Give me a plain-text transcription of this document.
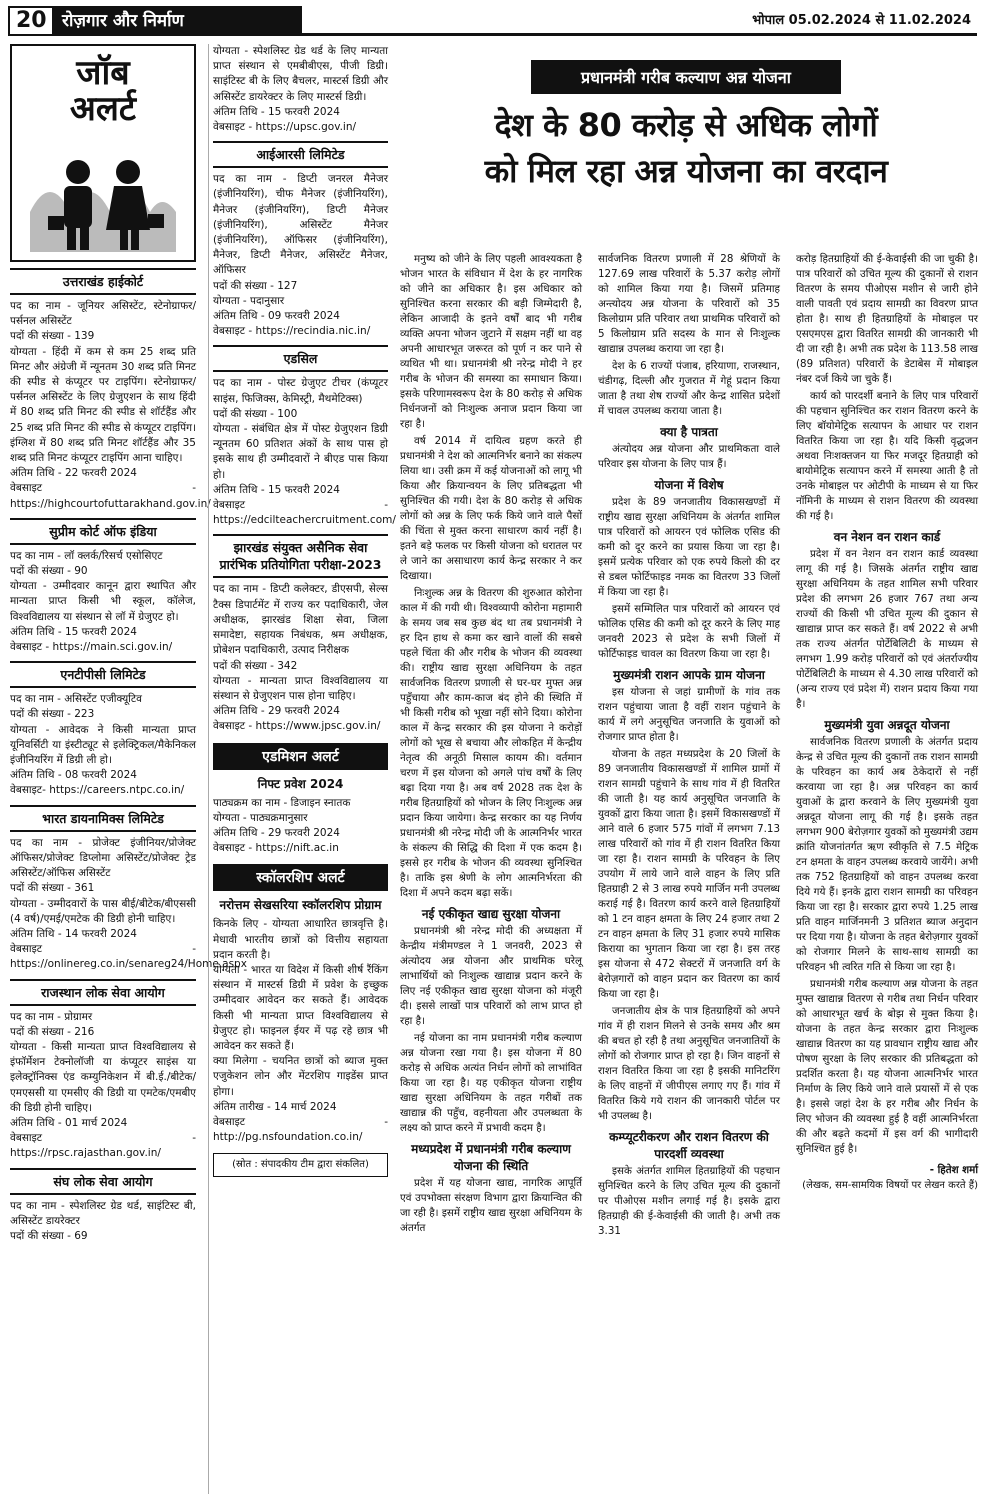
20 रोज़गार और निर्माण	भोपाल 05.02.2024 से 11.02.2024
जॉब
अलर्ट
उत्तराखंड हाईकोर्ट

पद का नाम - जूनियर असिस्टेंट, स्टेनोग्राफर/पर्सनल असिस्टेंट

पदों की संख्या - 139

योग्यता - हिंदी में कम से कम 25 शब्द प्रति मिनट और अंग्रेजी में न्यूनतम 30 शब्द प्रति मिनट की स्पीड से कंप्यूटर पर टाइपिंग। स्टेनोग्राफर/पर्सनल असिस्टेंट के लिए ग्रेजुएशन के साथ हिंदी में 80 शब्द प्रति मिनट की स्पीड से शॉर्टहैंड और 25 शब्द प्रति मिनट की स्पीड से कंप्यूटर टाइपिंग। इंग्लिश में 80 शब्द प्रति मिनट शॉर्टहैंड और 35 शब्द प्रति मिनट कंप्यूटर टाइपिंग आना चाहिए।

अंतिम तिथि - 22 फरवरी 2024

वेबसाइट - https://highcourtofuttarakhand.gov.in/

सुप्रीम कोर्ट ऑफ इंडिया

पद का नाम - लॉ क्लर्क/रिसर्च एसोसिएट

पदों की संख्या - 90

योग्यता - उम्मीदवार कानून द्वारा स्थापित और मान्यता प्राप्त किसी भी स्कूल, कॉलेज, विश्वविद्यालय या संस्थान से लॉ में ग्रेजुएट हो।

अंतिम तिथि - 15 फरवरी 2024

वेबसाइट - https://main.sci.gov.in/

एनटीपीसी लिमिटेड

पद का नाम - असिस्टेंट एजीक्यूटिव

पदों की संख्या - 223

योग्यता - आवेदक ने किसी मान्यता प्राप्त यूनिवर्सिटी या इंस्टीट्यूट से इलेक्ट्रिकल/मैकेनिकल इंजीनियरिंग में डिग्री ली हो।

अंतिम तिथि - 08 फरवरी 2024

वेबसाइट- https://careers.ntpc.co.in/

भारत डायनामिक्स लिमिटेड

पद का नाम - प्रोजेक्ट इंजीनियर/प्रोजेक्ट ऑफिसर/प्रोजेक्ट डिप्लोमा असिस्टेंट/प्रोजेक्ट ट्रेड असिस्टेंट/ऑफिस असिस्टेंट

पदों की संख्या - 361

योग्यता - उम्मीदवारों के पास बीई/बीटेक/बीएससी (4 वर्ष)/एमई/एमटेक की डिग्री होनी चाहिए।

अंतिम तिथि - 14 फरवरी 2024

वेबसाइट - https://onlinereg.co.in/senareg24/Home.aspx

राजस्थान लोक सेवा आयोग

पद का नाम - प्रोग्रामर

पदों की संख्या - 216

योग्यता - किसी मान्यता प्राप्त विश्वविद्यालय से इंफॉर्मेशन टेक्नोलॉजी या कंप्यूटर साइंस या इलेक्ट्रॉनिक्स एंड कम्युनिकेशन में बी.ई./बीटेक/एमएससी या एमसीए की डिग्री या एमटेक/एमबीए की डिग्री होनी चाहिए।

अंतिम तिथि - 01 मार्च 2024

वेबसाइट - https://rpsc.rajasthan.gov.in/

संघ लोक सेवा आयोग

पद का नाम - स्पेशलिस्ट ग्रेड थर्ड, साइंटिस्ट बी, असिस्टेंट डायरेक्टर

पदों की संख्या - 69

योग्यता - स्पेशलिस्ट ग्रेड थर्ड के लिए मान्यता प्राप्त संस्थान से एमबीबीएस, पीजी डिग्री। साइंटिस्ट बी के लिए बैचलर, मास्टर्स डिग्री और असिस्टेंट डायरेक्टर के लिए मास्टर्स डिग्री।

अंतिम तिथि - 15 फरवरी 2024

वेबसाइट - https://upsc.gov.in/

आईआरसी लिमिटेड

पद का नाम - डिप्टी जनरल मैनेजर (इंजीनियरिंग), चीफ मैनेजर (इंजीनियरिंग), मैनेजर (इंजीनियरिंग), डिप्टी मैनेजर (इंजीनियरिंग), असिस्टेंट मैनेजर (इंजीनियरिंग), ऑफिसर (इंजीनियरिंग), मैनेजर, डिप्टी मैनेजर, असिस्टेंट मैनेजर, ऑफिसर

पदों की संख्या - 127

योग्यता - पदानुसार

अंतिम तिथि - 09 फरवरी 2024

वेबसाइट - https://recindia.nic.in/

एडसिल

पद का नाम - पोस्ट ग्रेजुएट टीचर (कंप्यूटर साइंस, फिजिक्स, केमिस्ट्री, मैथमेटिक्स)

पदों की संख्या - 100

योग्यता - संबंधित क्षेत्र में पोस्ट ग्रेजुएशन डिग्री न्यूनतम 60 प्रतिशत अंकों के साथ पास हो इसके साथ ही उम्मीदवारों ने बीएड पास किया हो।

अंतिम तिथि - 15 फरवरी 2024

वेबसाइट - https://edcilteachercruitment.com/

झारखंड संयुक्त असैनिक सेवा प्रारंभिक प्रतियोगिता परीक्षा-2023

पद का नाम - डिप्टी कलेक्टर, डीएसपी, सेल्स टैक्स डिपार्टमेंट में राज्य कर पदाधिकारी, जेल अधीक्षक, झारखंड शिक्षा सेवा, जिला समादेष्टा, सहायक निबंधक, श्रम अधीक्षक, प्रोबेशन पदाधिकारी, उत्पाद निरीक्षक

पदों की संख्या - 342

योग्यता - मान्यता प्राप्त विश्वविद्यालय या संस्थान से ग्रेजुएशन पास होना चाहिए।

अंतिम तिथि - 29 फरवरी 2024

वेबसाइट - https://www.jpsc.gov.in/

एडमिशन अलर्ट
निफ्ट प्रवेश 2024

पाठ्यक्रम का नाम - डिजाइन स्नातक

योग्यता - पाठ्यक्रमानुसार

अंतिम तिथि - 29 फरवरी 2024

वेबसाइट - https://nift.ac.in

स्कॉलरशिप अलर्ट
नरोत्तम सेखसरिया स्कॉलरशिप प्रोग्राम

किनके लिए - योग्यता आधारित छात्रवृत्ति है। मेधावी भारतीय छात्रों को वित्तीय सहायता प्रदान करती है।

योग्यता - भारत या विदेश में किसी शीर्ष रैंकिंग संस्थान में मास्टर्स डिग्री में प्रवेश के इच्छुक उम्मीदवार आवेदन कर सकते हैं। आवेदक किसी भी मान्यता प्राप्त विश्वविद्यालय से ग्रेजुएट हो। फाइनल ईयर में पढ़ रहे छात्र भी आवेदन कर सकते हैं।

क्या मिलेगा - चयनित छात्रों को ब्याज मुक्त एजुकेशन लोन और मेंटरशिप गाइडेंस प्राप्त होगा।

अंतिम तारीख - 14 मार्च 2024

वेबसाइट - http://pg.nsfoundation.co.in/

(स्रोत : संपादकीय टीम द्वारा संकलित)
प्रधानमंत्री गरीब कल्याण अन्न योजना
देश के 80 करोड़ से अधिक लोगों
को मिल रहा अन्न योजना का वरदान

मनुष्य को जीने के लिए पहली आवश्यकता है भोजन भारत के संविधान में देश के हर नागरिक को जीने का अधिकार है। इस अधिकार को सुनिश्चित करना सरकार की बड़ी जिम्मेदारी है, लेकिन आजादी के इतने वर्षों बाद भी गरीब व्यक्ति अपना भोजन जुटाने में सक्षम नहीं था वह अपनी आधारभूत जरूरत को पूर्ण न कर पाने से व्यथित भी था। प्रधानमंत्री श्री नरेन्द्र मोदी ने हर गरीब के भोजन की समस्या का समाधान किया। इसके परिणामस्वरूप देश के 80 करोड़ से अधिक निर्धनजनों को निःशुल्क अनाज प्रदान किया जा रहा है।

वर्ष 2014 में दायित्व ग्रहण करते ही प्रधानमंत्री ने देश को आत्मनिर्भर बनाने का संकल्प लिया था। उसी क्रम में कई योजनाओं को लागू भी किया और क्रियान्वयन के लिए प्रतिबद्धता भी सुनिश्चित की गयी। देश के 80 करोड़ से अधिक लोगों को अन्न के लिए फर्क किये जाने वाले पैसों की चिंता से मुक्त करना साधारण कार्य नहीं है। इतने बड़े फलक पर किसी योजना को धरातल पर ले जाने का असाधारण कार्य केन्द्र सरकार ने कर दिखाया।

निःशुल्क अन्न के वितरण की शुरुआत कोरोना काल में की गयी थी। विश्वव्यापी कोरोना महामारी के समय जब सब कुछ बंद था तब प्रधानमंत्री ने हर दिन हाथ से कमा कर खाने वालों की सबसे पहले चिंता की और गरीब के भोजन की व्यवस्था की। राष्ट्रीय खाद्य सुरक्षा अधिनियम के तहत सार्वजनिक वितरण प्रणाली से घर-घर मुफ्त अन्न पहुँचाया और काम-काज बंद होने की स्थिति में भी किसी गरीब को भूखा नहीं सोने दिया। कोरोना काल में केन्द्र सरकार की इस योजना ने करोड़ों लोगों को भूख से बचाया और लोकहित में केन्द्रीय नेतृत्व की अनूठी मिसाल कायम की। वर्तमान चरण में इस योजना को अगले पांच वर्षों के लिए बढ़ा दिया गया है। अब वर्ष 2028 तक देश के गरीब हितग्राहियों को भोजन के लिए निःशुल्क अन्न प्रदान किया जायेगा। केन्द्र सरकार का यह निर्णय प्रधानमंत्री श्री नरेन्द्र मोदी जी के आत्मनिर्भर भारत के संकल्प की सिद्धि की दिशा में एक कदम है। इससे हर गरीब के भोजन की व्यवस्था सुनिश्चित है। ताकि इस श्रेणी के लोग आत्मनिर्भरता की दिशा में अपने कदम बढ़ा सकें।

नई एकीकृत खाद्य सुरक्षा योजना

प्रधानमंत्री श्री नरेन्द्र मोदी की अध्यक्षता में केन्द्रीय मंत्रीमण्डल ने 1 जनवरी, 2023 से अंत्योदय अन्न योजना और प्राथमिक घरेलू लाभार्थियों को निःशुल्क खाद्यान्न प्रदान करने के लिए नई एकीकृत खाद्य सुरक्षा योजना को मंजूरी दी। इससे लाखों पात्र परिवारों को लाभ प्राप्त हो रहा है।

नई योजना का नाम प्रधानमंत्री गरीब कल्याण अन्न योजना रखा गया है। इस योजना में 80 करोड़ से अधिक अत्यंत निर्धन लोगों को लाभांवित किया जा रहा है। यह एकीकृत योजना राष्ट्रीय खाद्य सुरक्षा अधिनियम के तहत गरीबों तक खाद्यान्न की पहुँच, वहनीयता और उपलब्धता के लक्ष्य को प्राप्त करने में प्रभावी कदम है।

मध्यप्रदेश में प्रधानमंत्री गरीब कल्याण योजना की स्थिति

प्रदेश में यह योजना खाद्य, नागरिक आपूर्ति एवं उपभोक्ता संरक्षण विभाग द्वारा क्रियान्वित की जा रही है। इसमें राष्ट्रीय खाद्य सुरक्षा अधिनियम के अंतर्गत

सार्वजनिक वितरण प्रणाली में 28 श्रेणियों के 127.69 लाख परिवारों के 5.37 करोड़ लोगों को शामिल किया गया है। जिसमें प्रतिमाह अन्त्योदय अन्न योजना के परिवारों को 35 किलोग्राम प्रति परिवार तथा प्राथमिक परिवारों को 5 किलोग्राम प्रति सदस्य के मान से निःशुल्क खाद्यान्न उपलब्ध कराया जा रहा है।

देश के 6 राज्यों पंजाब, हरियाणा, राजस्थान, चंडीगढ़, दिल्ली और गुजरात में गेहूं प्रदान किया जाता है तथा शेष राज्यों और केन्द्र शासित प्रदेशों में चावल उपलब्ध कराया जाता है।

क्या है पात्रता

अंत्योदय अन्न योजना और प्राथमिकता वाले परिवार इस योजना के लिए पात्र हैं।

योजना में विशेष

प्रदेश के 89 जनजातीय विकासखण्डों में राष्ट्रीय खाद्य सुरक्षा अधिनियम के अंतर्गत शामिल पात्र परिवारों को आयरन एवं फोलिक एसिड की कमी को दूर करने का प्रयास किया जा रहा है। इसमें प्रत्येक परिवार को एक रुपये किलो की दर से डबल फोर्टिफाइड नमक का वितरण 33 जिलों में किया जा रहा है।

इसमें सम्मिलित पात्र परिवारों को आयरन एवं फोलिक एसिड की कमी को दूर करने के लिए माह जनवरी 2023 से प्रदेश के सभी जिलों में फोर्टिफाइड चावल का वितरण किया जा रहा है।

मुख्यमंत्री राशन आपके ग्राम योजना

इस योजना से जहां ग्रामीणों के गांव तक राशन पहुंचाया जाता है वहीं राशन पहुंचाने के कार्य में लगे अनुसूचित जनजाति के युवाओं को रोजगार प्राप्त होता है।

योजना के तहत मध्यप्रदेश के 20 जिलों के 89 जनजातीय विकासखण्डों में शामिल ग्रामों में राशन सामग्री पहुंचाने के साथ गांव में ही वितरित की जाती है। यह कार्य अनुसूचित जनजाति के युवकों द्वारा किया जाता है। इसमें विकासखण्डों में आने वाले 6 हजार 575 गांवों में लगभग 7.13 लाख परिवारों को गांव में ही राशन वितरित किया जा रहा है। राशन सामग्री के परिवहन के लिए उपयोग में लाये जाने वाले वाहन के लिए प्रति हितग्राही 2 से 3 लाख रुपये मार्जिन मनी उपलब्ध कराई गई है। वितरण कार्य करने वाले हितग्राहियों को 1 टन वाहन क्षमता के लिए 24 हजार तथा 2 टन वाहन क्षमता के लिए 31 हजार रुपये मासिक किराया का भुगतान किया जा रहा है। इस तरह इस योजना से 472 सेक्टरों में जनजाति वर्ग के बेरोज़गारों को वाहन प्रदान कर वितरण का कार्य किया जा रहा है।

जनजातीय क्षेत्र के पात्र हितग्राहियों को अपने गांव में ही राशन मिलने से उनके समय और श्रम की बचत हो रही है तथा अनुसूचित जनजातियों के लोगों को रोजगार प्राप्त हो रहा है। जिन वाहनों से राशन वितरित किया जा रहा है इसकी मानिटरिंग के लिए वाहनों में जीपीएस लगाए गए हैं। गांव में वितरित किये गये राशन की जानकारी पोर्टल पर भी उपलब्ध है।

कम्प्यूटरीकरण और राशन वितरण की पारदर्शी व्यवस्था

इसके अंतर्गत शामिल हितग्राहियों की पहचान सुनिश्चित करने के लिए उचित मूल्य की दुकानों पर पीओएस मशीन लगाई गई है। इसके द्वारा हितग्राही की ई-केवाईसी की जाती है। अभी तक 3.31

करोड़ हितग्राहियों की ई-केवाईसी की जा चुकी है। पात्र परिवारों को उचित मूल्य की दुकानों से राशन वितरण के समय पीओएस मशीन से जारी होने वाली पावती एवं प्रदाय सामग्री का विवरण प्राप्त होता है। साथ ही हितग्राहियों के मोबाइल पर एसएमएस द्वारा वितरित सामग्री की जानकारी भी दी जा रही है। अभी तक प्रदेश के 113.58 लाख (89 प्रतिशत) परिवारों के डेटाबेस में मोबाइल नंबर दर्ज किये जा चुके हैं।

कार्य को पारदर्शी बनाने के लिए पात्र परिवारों की पहचान सुनिश्चित कर राशन वितरण करने के लिए बॉयोमेट्रिक सत्यापन के आधार पर राशन वितरित किया जा रहा है। यदि किसी वृद्धजन अथवा निःशक्तजन या फिर मजदूर हितग्राही को बायोमेट्रिक सत्यापन करने में समस्या आती है तो उनके मोबाइल पर ओटीपी के माध्यम से या फिर नॉमिनी के माध्यम से राशन वितरण की व्यवस्था की गई है।

वन नेशन वन राशन कार्ड

प्रदेश में वन नेशन वन राशन कार्ड व्यवस्था लागू की गई है। जिसके अंतर्गत राष्ट्रीय खाद्य सुरक्षा अधिनियम के तहत शामिल सभी परिवार प्रदेश की लगभग 26 हजार 767 तथा अन्य राज्यों की किसी भी उचित मूल्य की दुकान से खाद्यान्न प्राप्त कर सकते हैं। वर्ष 2022 से अभी तक राज्य अंतर्गत पोर्टेबिलिटी के माध्यम से लगभग 1.99 करोड़ परिवारों को एवं अंतर्राज्यीय पोर्टेबिलिटी के माध्यम से 4.30 लाख परिवारों को (अन्य राज्य एवं प्रदेश में) राशन प्रदाय किया गया है।

मुख्यमंत्री युवा अन्नदूत योजना

सार्वजनिक वितरण प्रणाली के अंतर्गत प्रदाय केन्द्र से उचित मूल्य की दुकानों तक राशन सामग्री के परिवहन का कार्य अब ठेकेदारों से नहीं करवाया जा रहा है। अन्न परिवहन का कार्य युवाओं के द्वारा करवाने के लिए मुख्यमंत्री युवा अन्नदूत योजना लागू की गई है। इसके तहत लगभग 900 बेरोज़गार युवकों को मुख्यमंत्री उद्यम क्रांति योजनांतर्गत ऋण स्वीकृति से 7.5 मेट्रिक टन क्षमता के वाहन उपलब्ध करवाये जायेंगे। अभी तक 752 हितग्राहियों को वाहन उपलब्ध करवा दिये गये हैं। इनके द्वारा राशन सामग्री का परिवहन किया जा रहा है। सरकार द्वारा रुपये 1.25 लाख प्रति वाहन मार्जिनमनी 3 प्रतिशत ब्याज अनुदान पर दिया गया है। योजना के तहत बेरोज़गार युवकों को रोजगार मिलने के साथ-साथ सामग्री का परिवहन भी त्वरित गति से किया जा रहा है।

प्रधानमंत्री गरीब कल्याण अन्न योजना के तहत मुफ्त खाद्यान्न वितरण से गरीब तथा निर्धन परिवार को आधारभूत खर्च के बोझ से मुक्त किया है। योजना के तहत केन्द्र सरकार द्वारा निःशुल्क खाद्यान्न वितरण का यह प्रावधान राष्ट्रीय खाद्य और पोषण सुरक्षा के लिए सरकार की प्रतिबद्धता को प्रदर्शित करता है। यह योजना आत्मनिर्भर भारत निर्माण के लिए किये जाने वाले प्रयासों में से एक है। इससे जहां देश के हर गरीब और निर्धन के लिए भोजन की व्यवस्था हुई है वहीं आत्मनिर्भरता की और बढ़ते कदमों में इस वर्ग की भागीदारी सुनिश्चित हुई है।

- हितेश शर्मा
(लेखक, सम-सामयिक विषयों पर लेखन करते हैं)
